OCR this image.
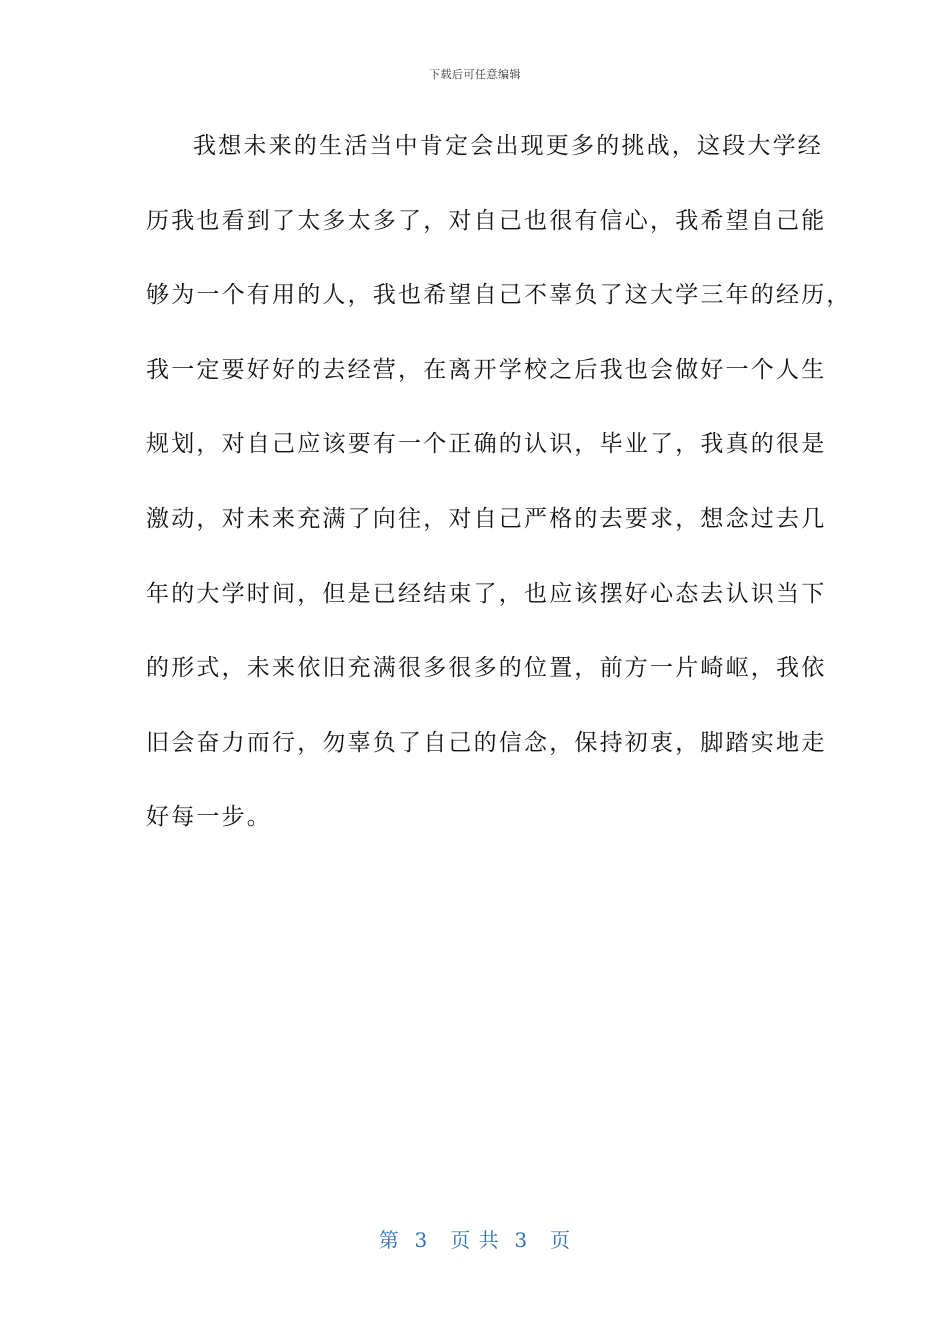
下载后可任意编辑
我想未来的生活当中肯定会出现更多的挑战，这段大学经
历我也看到了太多太多了，对自己也很有信心，我希望自己能
够为一个有用的人，我也希望自己不辜负了这大学三年的经历，
我一定要好好的去经营，在离开学校之后我也会做好一个人生
规划，对自己应该要有一个正确的认识，毕业了，我真的很是
激动，对未来充满了向往，对自己严格的去要求，想念过去几
年的大学时间，但是已经结束了，也应该摆好心态去认识当下
的形式，未来依旧充满很多很多的位置，前方一片崎岖，我依
旧会奋力而行，勿辜负了自己的信念，保持初衷，脚踏实地走
好每一步。
第  3   页 共  3   页
